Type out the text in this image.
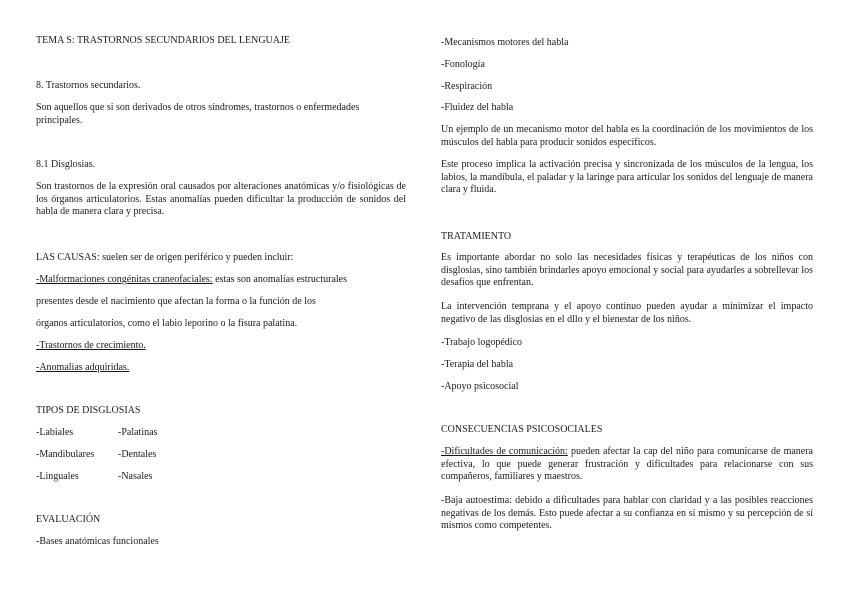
TEMA S: TRASTORNOS SECUNDARIOS DEL LENGUAJE

8. Trastornos secundarios.

Son aquellos que si son derivados de otros síndromes, trastornos o enfermedades principales.

8.1 Disglosias.

Son trastornos de la expresión oral causados por alteraciones anatómicas y/o fisiológicas de los órganos articulatorios. Estas anomalías pueden dificultar la producción de sonidos del habla de manera clara y precisa.

LAS CAUSAS: suelen ser de origen periférico y pueden incluir:

-Malformaciones congénitas craneofaciales: estas son anomalías estructurales

presentes desde el nacimiento que afectan la forma o la función de los

órganos articulatorios, como el labio leporino o la fisura palatina.

-Trastornos de crecimiento.

-Anomalías adquiridas.

TIPOS DE DISGLOSIAS

-Labiales	-Palatinas
-Mandibulares	-Dentales
-Linguales	-Nasales

EVALUACIÓN

-Bases anatómicas funcionales

-Mecanismos motores del habla

-Fonología

-Respiración

-Fluidez del habla

Un ejemplo de un mecanismo motor del habla es la coordinación de los movimientos de los músculos del habla para producir sonidos específicos.

Este proceso implica la activación precisa y sincronizada de los músculos de la lengua, los labios, la mandíbula, el paladar y la laringe para articular los sonidos del lenguaje de manera clara y fluida.

TRATAMIENTO

Es importante abordar no solo las necesidades físicas y terapéuticas de los niños con disglosias, sino también brindarles apoyo emocional y social para ayudarles a sobrellevar los desafíos que enfrentan.

La intervención temprana y el apoyo continuo pueden ayudar a minimizar el impacto negativo de las disglosias en el dllo y el bienestar de los niños.

-Trabajo logopédico

-Terapia del habla

-Apoyo psicosocial

CONSECUENCIAS PSICOSOCIALES

-Dificultades de comunicación: pueden afectar la cap del niño para comunicarse de manera efectiva, lo que puede generar frustración y dificultades para relacionarse con sus compañeros, familiares y maestros.

-Baja autoestima: debido a dificultades para hablar con claridad y a las posibles reacciones negativas de los demás. Esto puede afectar a su confianza en sí mismo y su percepción de sí mismos como competentes.
